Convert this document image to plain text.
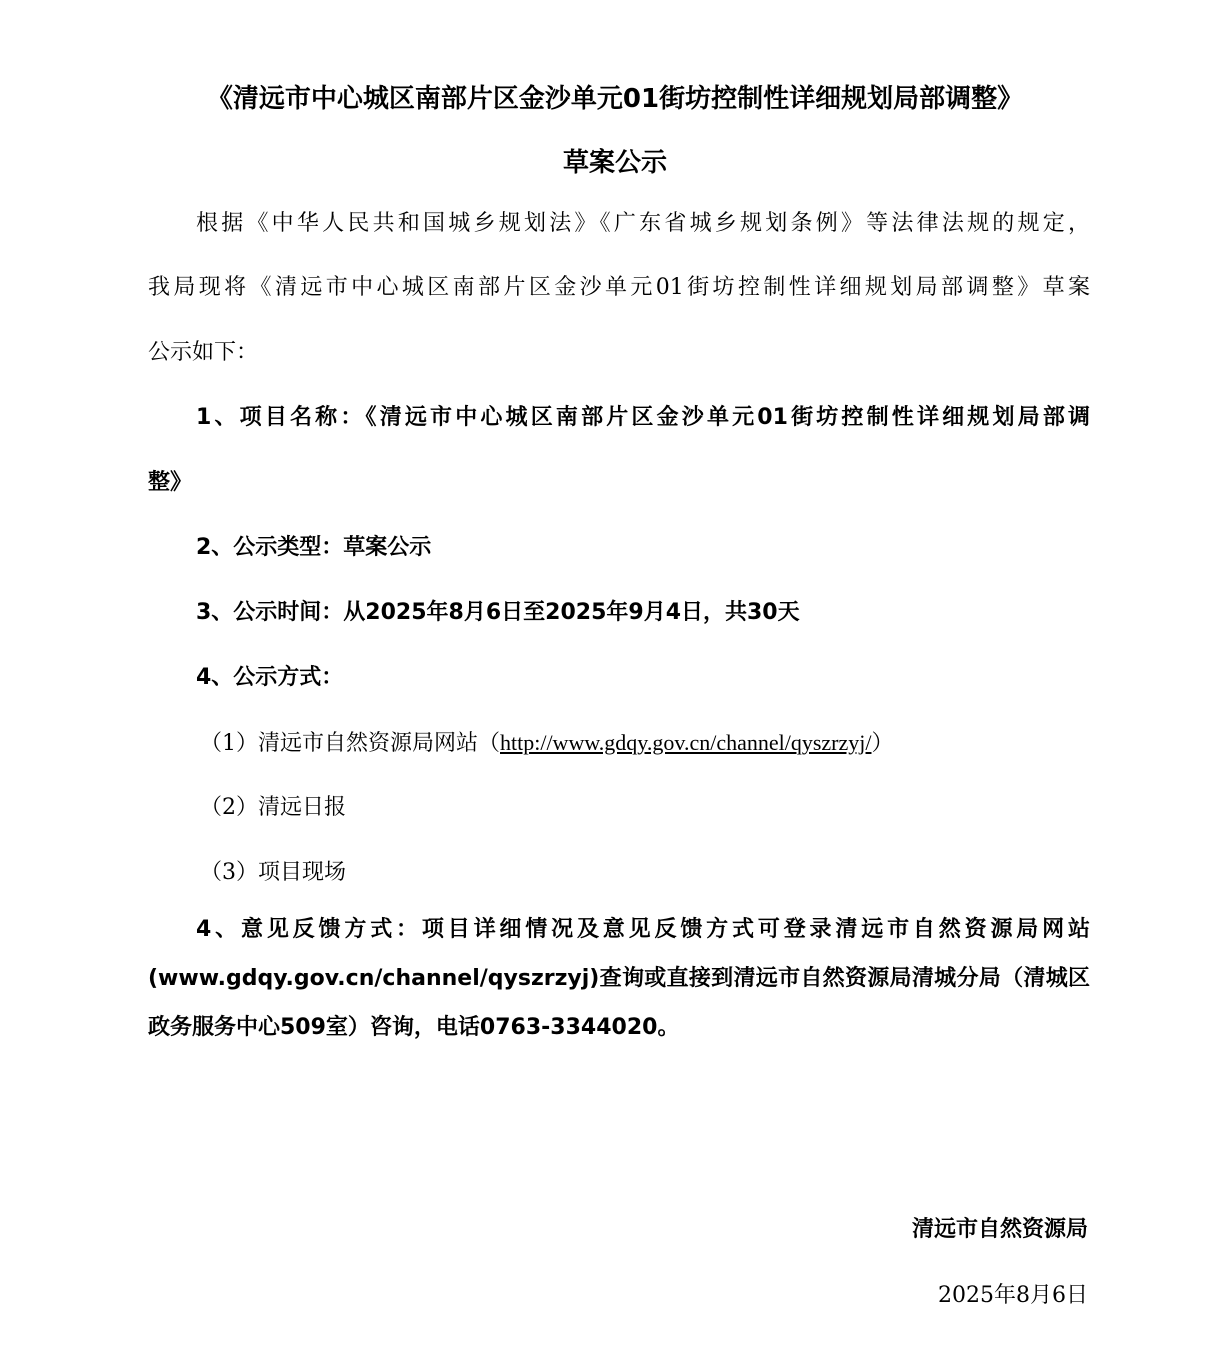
《清远市中心城区南部片区金沙单元01街坊控制性详细规划局部调整》
草案公示
根据《中华人民共和国城乡规划法》《广东省城乡规划条例》等法律法规的规定，
我局现将《清远市中心城区南部片区金沙单元01街坊控制性详细规划局部调整》草案
公示如下：
1、项目名称：《清远市中心城区南部片区金沙单元01街坊控制性详细规划局部调
整》
2、公示类型：草案公示
3、公示时间：从2025年8月6日至2025年9月4日，共30天
4、公示方式：
（1）清远市自然资源局网站（http://www.gdqy.gov.cn/channel/qyszrzyj/）
（2）清远日报
（3）项目现场
4、意见反馈方式：项目详细情况及意见反馈方式可登录清远市自然资源局网站
(www.gdqy.gov.cn/channel/qyszrzyj)查询或直接到清远市自然资源局清城分局（清城区
政务服务中心509室）咨询，电话0763-3344020。
清远市自然资源局
2025年8月6日
